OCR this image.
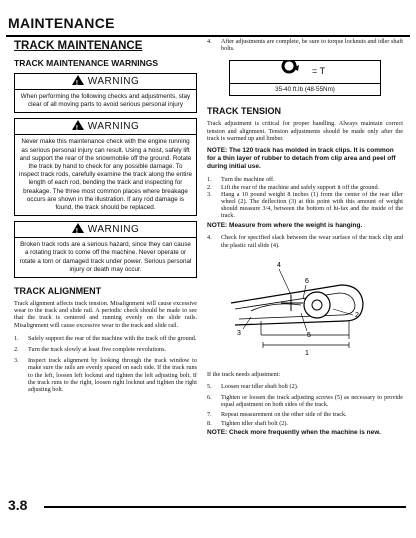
MAINTENANCE
TRACK MAINTENANCE
TRACK MAINTENANCE WARNINGS
!WARNING
When performing the following checks and adjustments, stay clear of all moving parts to avoid serious personal injury
!WARNING
Never make this maintenance check with the engine running as serious personal injury can result. Using a hoist, safely lift and support the rear of the snowmobile off the ground. Rotate the track by hand to check for any possible damage. To inspect track rods, carefully examine the track along the entire length of each rod, bending the track and inspecting for breakage. The three most common places where breakage occurs are shown in the illustration. If any rod damage is found, the track should be replaced.
!WARNING
Broken track rods are a serious hazard, since they can cause a rotating track to come off the machine. Never operate or rotate a torn or damaged track under power. Serious personal injury or death may occur.
TRACK ALIGNMENT

Track alignment affects track tension. Misalignment will cause excessive wear to the track and slide rail. A periodic check should be made to see that the track is centered and running evenly on the slide rails. Misalignment will cause excessive wear to the track and slide rail.

1. Safely support the rear of the machine with the track off the ground.
2. Turn the track slowly at least five complete revolutions.
3. Inspect track alignment by looking through the track window to make sure the rails are evenly spaced on each side. If the track runs to the left, loosen left locknut and tighten the left adjusting bolt. If the track runs to the right, loosen right locknut and tighten the right adjusting bolt.
4. After adjustments are complete, be sure to torque locknuts and idler shaft bolts.
= T
35-40 ft.lb (48-55Nm)
TRACK TENSION

Track adjustment is critical for proper handling. Always maintain correct tension and alignment. Tension adjustments should be made only after the track is warmed up and limber.

NOTE: The 120 track has molded in track clips. It is common for a thin layer of rubber to detach from clip area and peel off during initial use.

1. Turn the machine off.
2. Lift the rear of the machine and safely support it off the ground.
3. Hang a 10 pound weight 8 inches (1) from the center of the rear idler wheel (2). The deflection (3) at this point with this amount of weight should measure 3/4, between the bottom of hi-fax and the inside of the track.

NOTE: Measure from where the weight is hanging.

4. Check for specified slack between the wear surface of the track clip and the plastic rail slide (4).
4
6
2
3	5
1

If the track needs adjustment:

5. Loosen rear idler shaft bolt (2).
6. Tighten or loosen the track adjusting screws (5) as necessary to provide equal adjustment on both sides of the track.
7. Repeat measurement on the other side of the track.
8. Tighten idler shaft bolt (2).

NOTE: Check more frequently when the machine is new.

3.8
